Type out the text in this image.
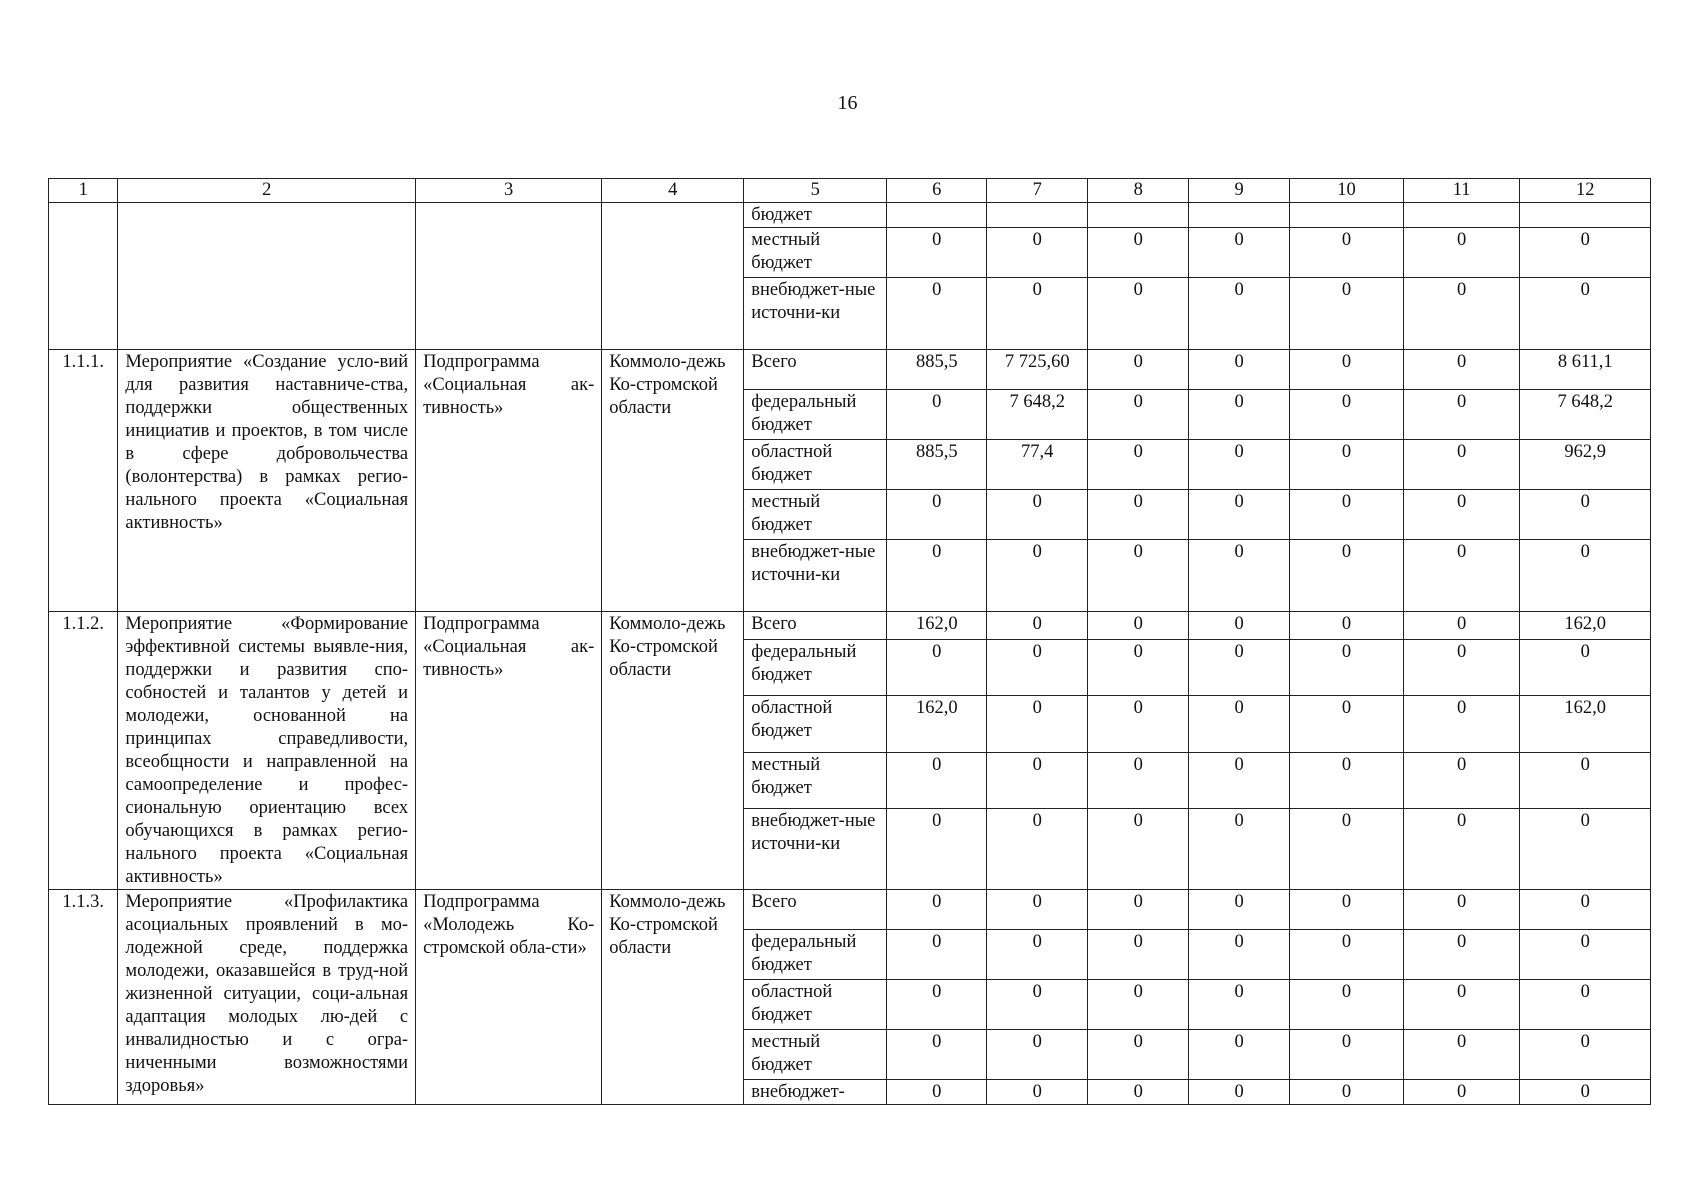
16
1	2	3	4	5	6	7	8	9	10	11	12
				бюджет							
				местный бюджет	0	0	0	0	0	0	0
				внебюджет-ные источни-ки	0	0	0	0	0	0	0
1.1.1.	Мероприятие «Создание усло-вий для развития наставниче-ства, поддержки общественных инициатив и проектов, в том числе в сфере добровольчества (волонтерства) в рамках регио-нального проекта «Социальная активность»	Подпрограмма «Социальная ак-тивность»	Коммоло-дежь Ко-стромской области	Всего	885,5	7 725,60	0	0	0	0	8 611,1
				федеральный бюджет	0	7 648,2	0	0	0	0	7 648,2
				областной бюджет	885,5	77,4	0	0	0	0	962,9
				местный бюджет	0	0	0	0	0	0	0
				внебюджет-ные источни-ки	0	0	0	0	0	0	0
1.1.2.	Мероприятие «Формирование эффективной системы выявле-ния, поддержки и развития спо-собностей и талантов у детей и молодежи, основанной на принципах справедливости, всеобщности и направленной на самоопределение и профес-сиональную ориентацию всех обучающихся в рамках регио-нального проекта «Социальная активность»	Подпрограмма «Социальная ак-тивность»	Коммоло-дежь Ко-стромской области	Всего	162,0	0	0	0	0	0	162,0
				федеральный бюджет	0	0	0	0	0	0	0
				областной бюджет	162,0	0	0	0	0	0	162,0
				местный бюджет	0	0	0	0	0	0	0
				внебюджет-ные источни-ки	0	0	0	0	0	0	0
1.1.3.	Мероприятие «Профилактика асоциальных проявлений в мо-лодежной среде, поддержка молодежи, оказавшейся в труд-ной жизненной ситуации, соци-альная адаптация молодых лю-дей с инвалидностью и с огра-ниченными возможностями здоровья»	Подпрограмма «Молодежь Ко-стромской обла-сти»	Коммоло-дежь Ко-стромской области	Всего	0	0	0	0	0	0	0
				федеральный бюджет	0	0	0	0	0	0	0
				областной бюджет	0	0	0	0	0	0	0
				местный бюджет	0	0	0	0	0	0	0
				внебюджет-	0	0	0	0	0	0	0
